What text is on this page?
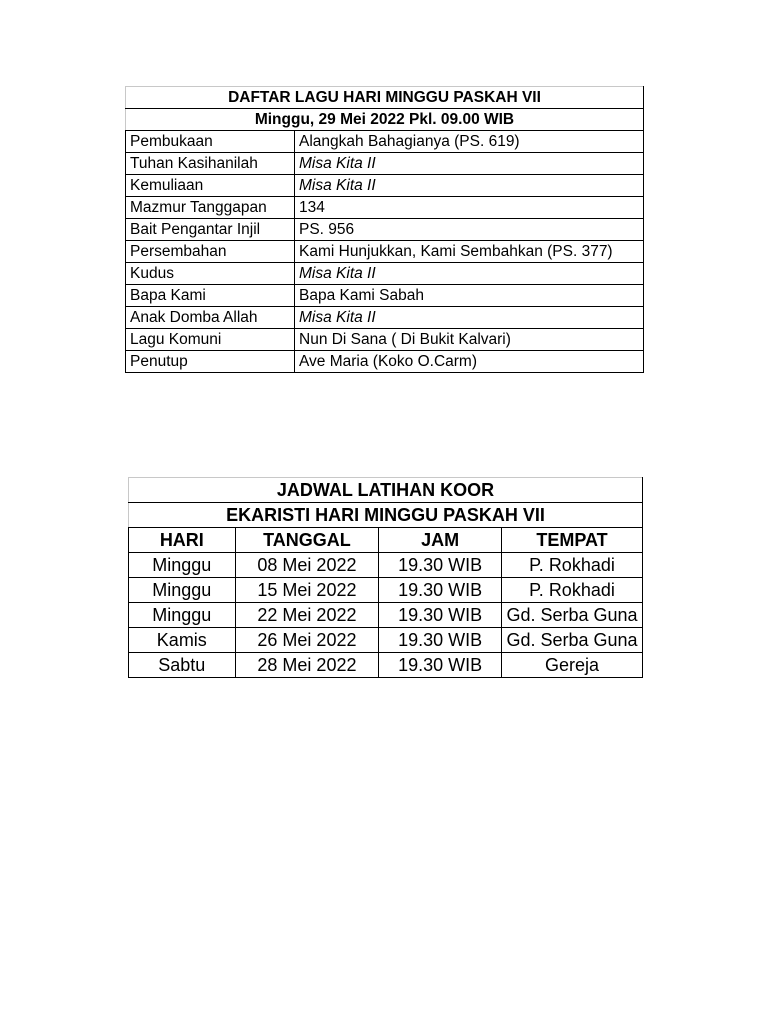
DAFTAR LAGU HARI MINGGU PASKAH VII	
Minggu, 29 Mei 2022 Pkl. 09.00 WIB	
Pembukaan	Alangkah Bahagianya (PS. 619)
Tuhan Kasihanilah	Misa Kita II
Kemuliaan	Misa Kita II
Mazmur Tanggapan	134
Bait Pengantar Injil	PS. 956
Persembahan	Kami Hunjukkan, Kami Sembahkan (PS. 377)
Kudus	Misa Kita II
Bapa Kami	Bapa Kami Sabah
Anak Domba Allah	Misa Kita II
Lagu Komuni	Nun Di Sana ( Di Bukit Kalvari)
Penutup	Ave Maria (Koko O.Carm)
JADWAL LATIHAN KOOR			
EKARISTI HARI MINGGU PASKAH VII			
HARI	TANGGAL	JAM	TEMPAT
Minggu	08 Mei 2022	19.30 WIB	P. Rokhadi
Minggu	15 Mei 2022	19.30 WIB	P. Rokhadi
Minggu	22 Mei 2022	19.30 WIB	Gd. Serba Guna
Kamis	26 Mei 2022	19.30 WIB	Gd. Serba Guna
Sabtu	28 Mei 2022	19.30 WIB	Gereja
